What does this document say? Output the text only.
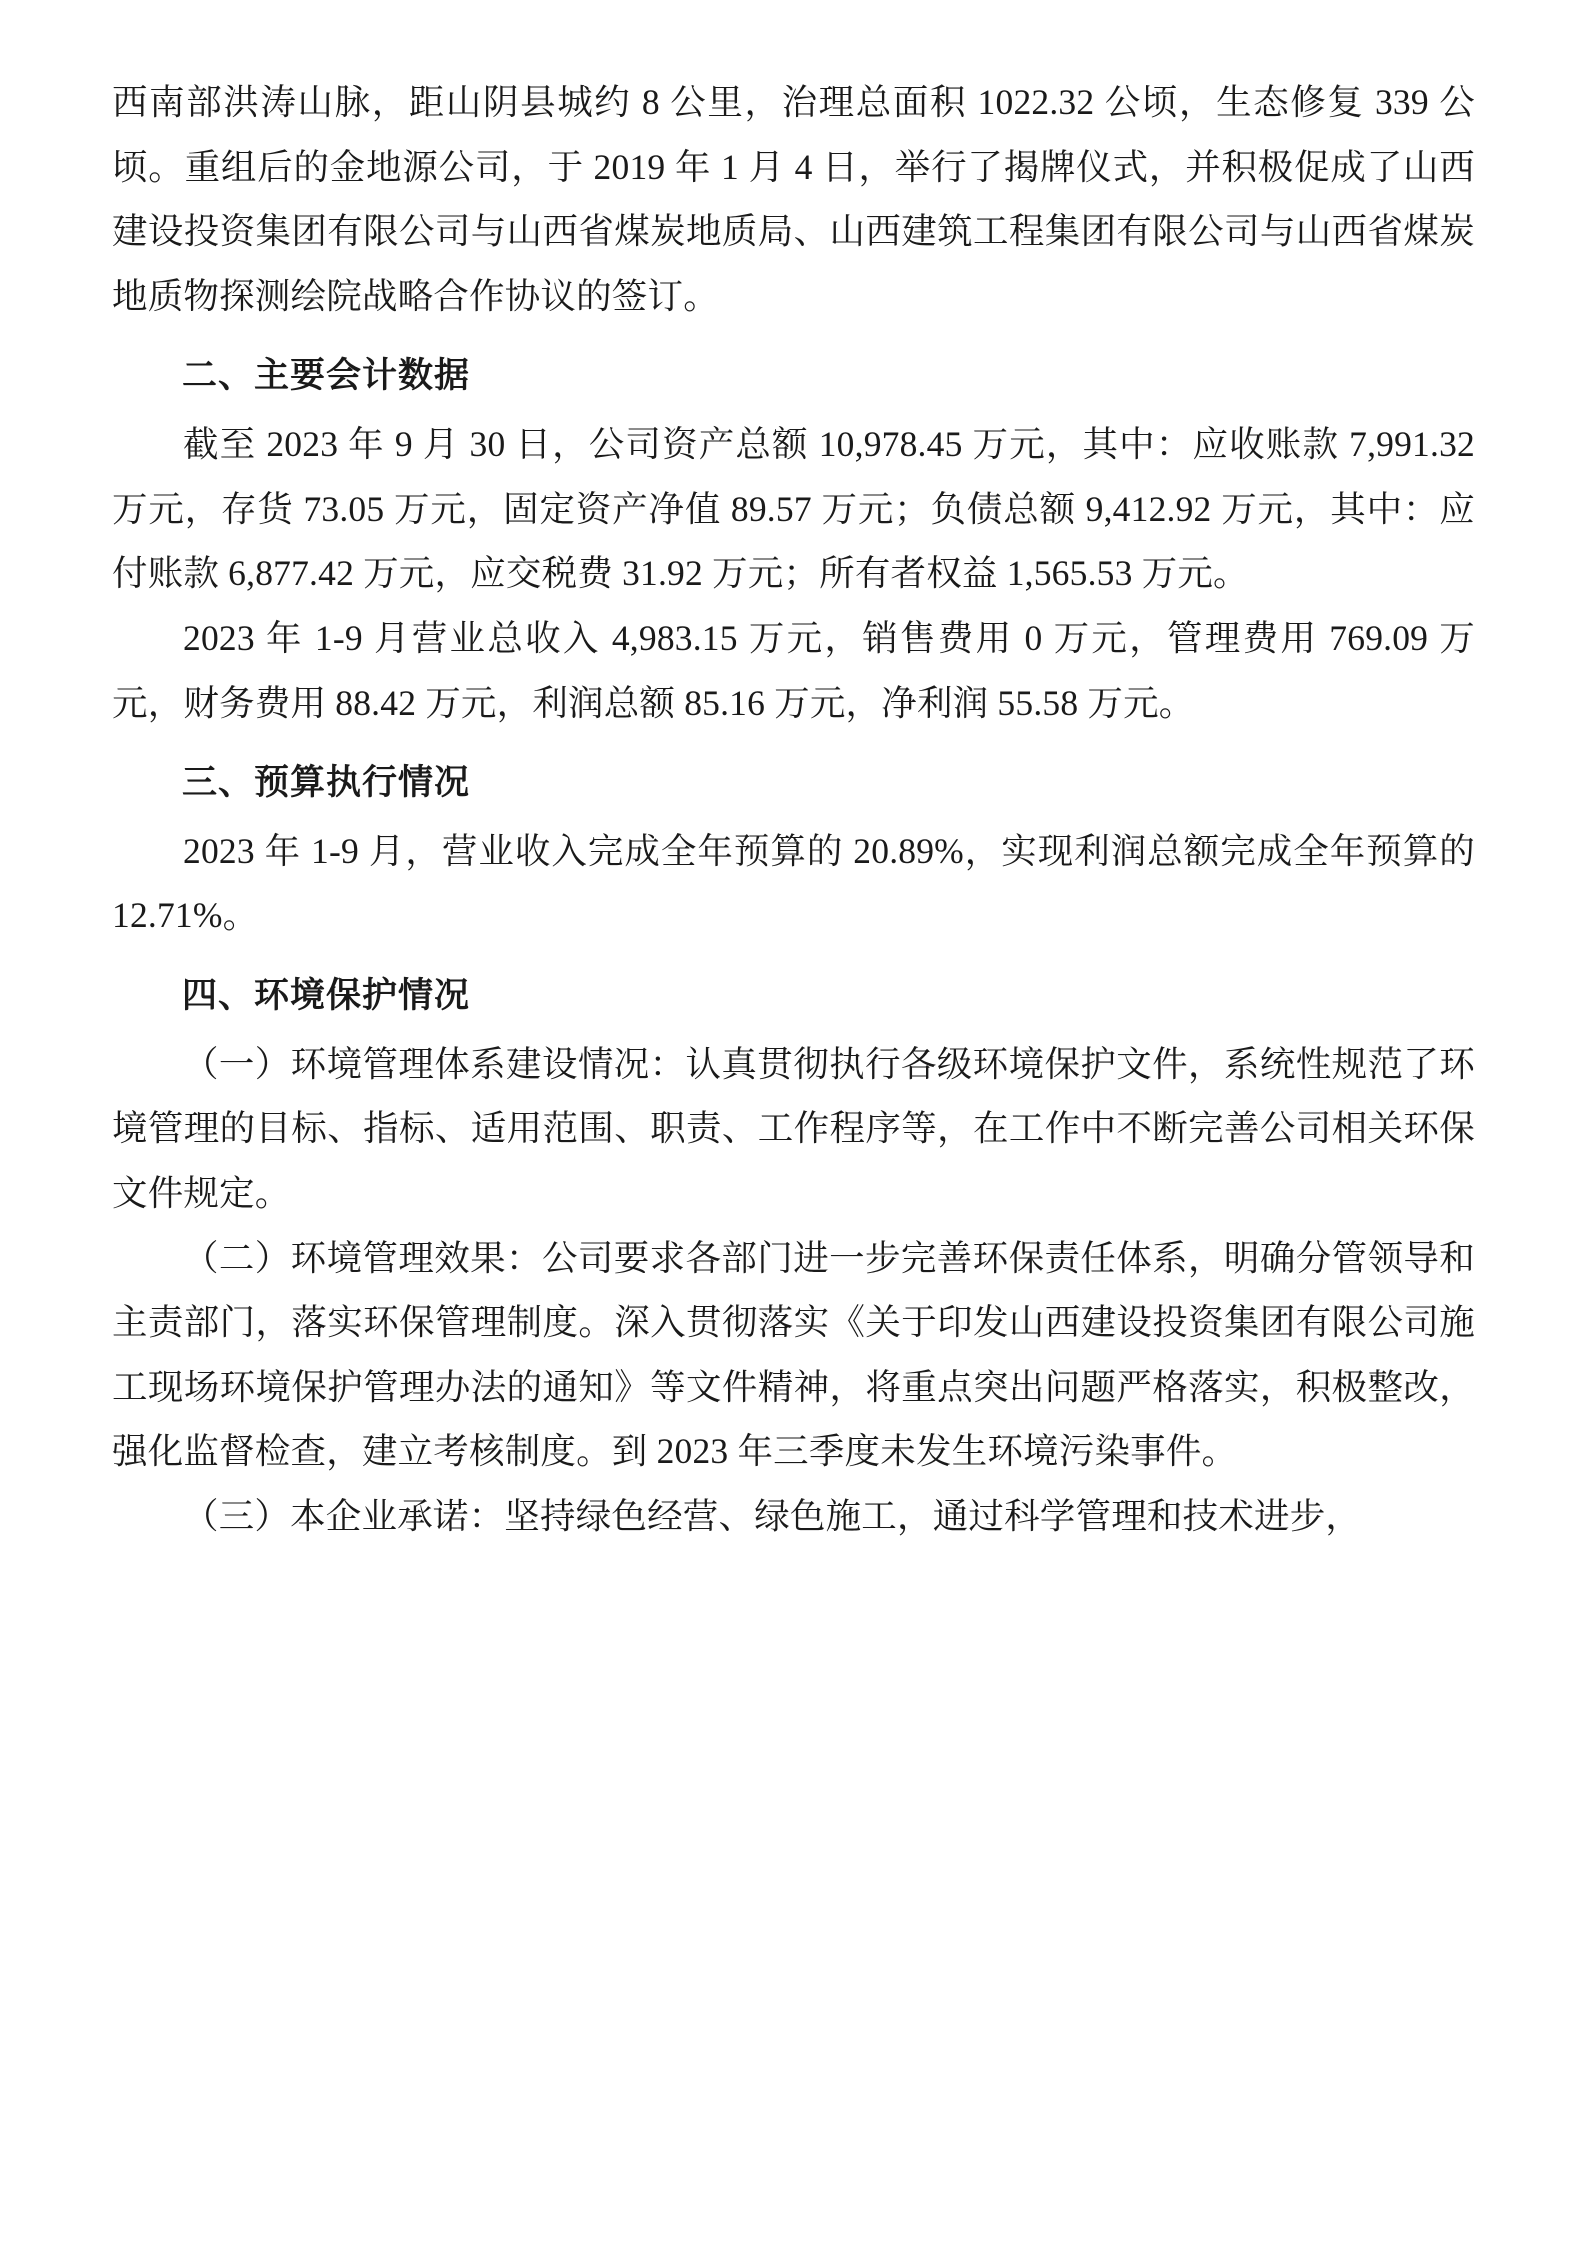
西南部洪涛山脉，距山阴县城约 8 公里，治理总面积 1022.32 公顷，生态修复 339 公顷。重组后的金地源公司，于 2019 年 1 月 4 日，举行了揭牌仪式，并积极促成了山西建设投资集团有限公司与山西省煤炭地质局、山西建筑工程集团有限公司与山西省煤炭地质物探测绘院战略合作协议的签订。

二、主要会计数据

截至 2023 年 9 月 30 日，公司资产总额 10,978.45 万元，其中：应收账款 7,991.32 万元，存货 73.05 万元，固定资产净值 89.57 万元；负债总额 9,412.92 万元，其中：应付账款 6,877.42 万元，应交税费 31.92 万元；所有者权益 1,565.53 万元。

2023 年 1-9 月营业总收入 4,983.15 万元，销售费用 0 万元，管理费用 769.09 万元，财务费用 88.42 万元，利润总额 85.16 万元，净利润 55.58 万元。

三、预算执行情况

2023 年 1-9 月，营业收入完成全年预算的 20.89%，实现利润总额完成全年预算的 12.71%。

四、环境保护情况

（一）环境管理体系建设情况：认真贯彻执行各级环境保护文件，系统性规范了环境管理的目标、指标、适用范围、职责、工作程序等，在工作中不断完善公司相关环保文件规定。

（二）环境管理效果：公司要求各部门进一步完善环保责任体系，明确分管领导和主责部门，落实环保管理制度。深入贯彻落实《关于印发山西建设投资集团有限公司施工现场环境保护管理办法的通知》等文件精神，将重点突出问题严格落实，积极整改，强化监督检查，建立考核制度。到 2023 年三季度未发生环境污染事件。

（三）本企业承诺：坚持绿色经营、绿色施工，通过科学管理和技术进步，
